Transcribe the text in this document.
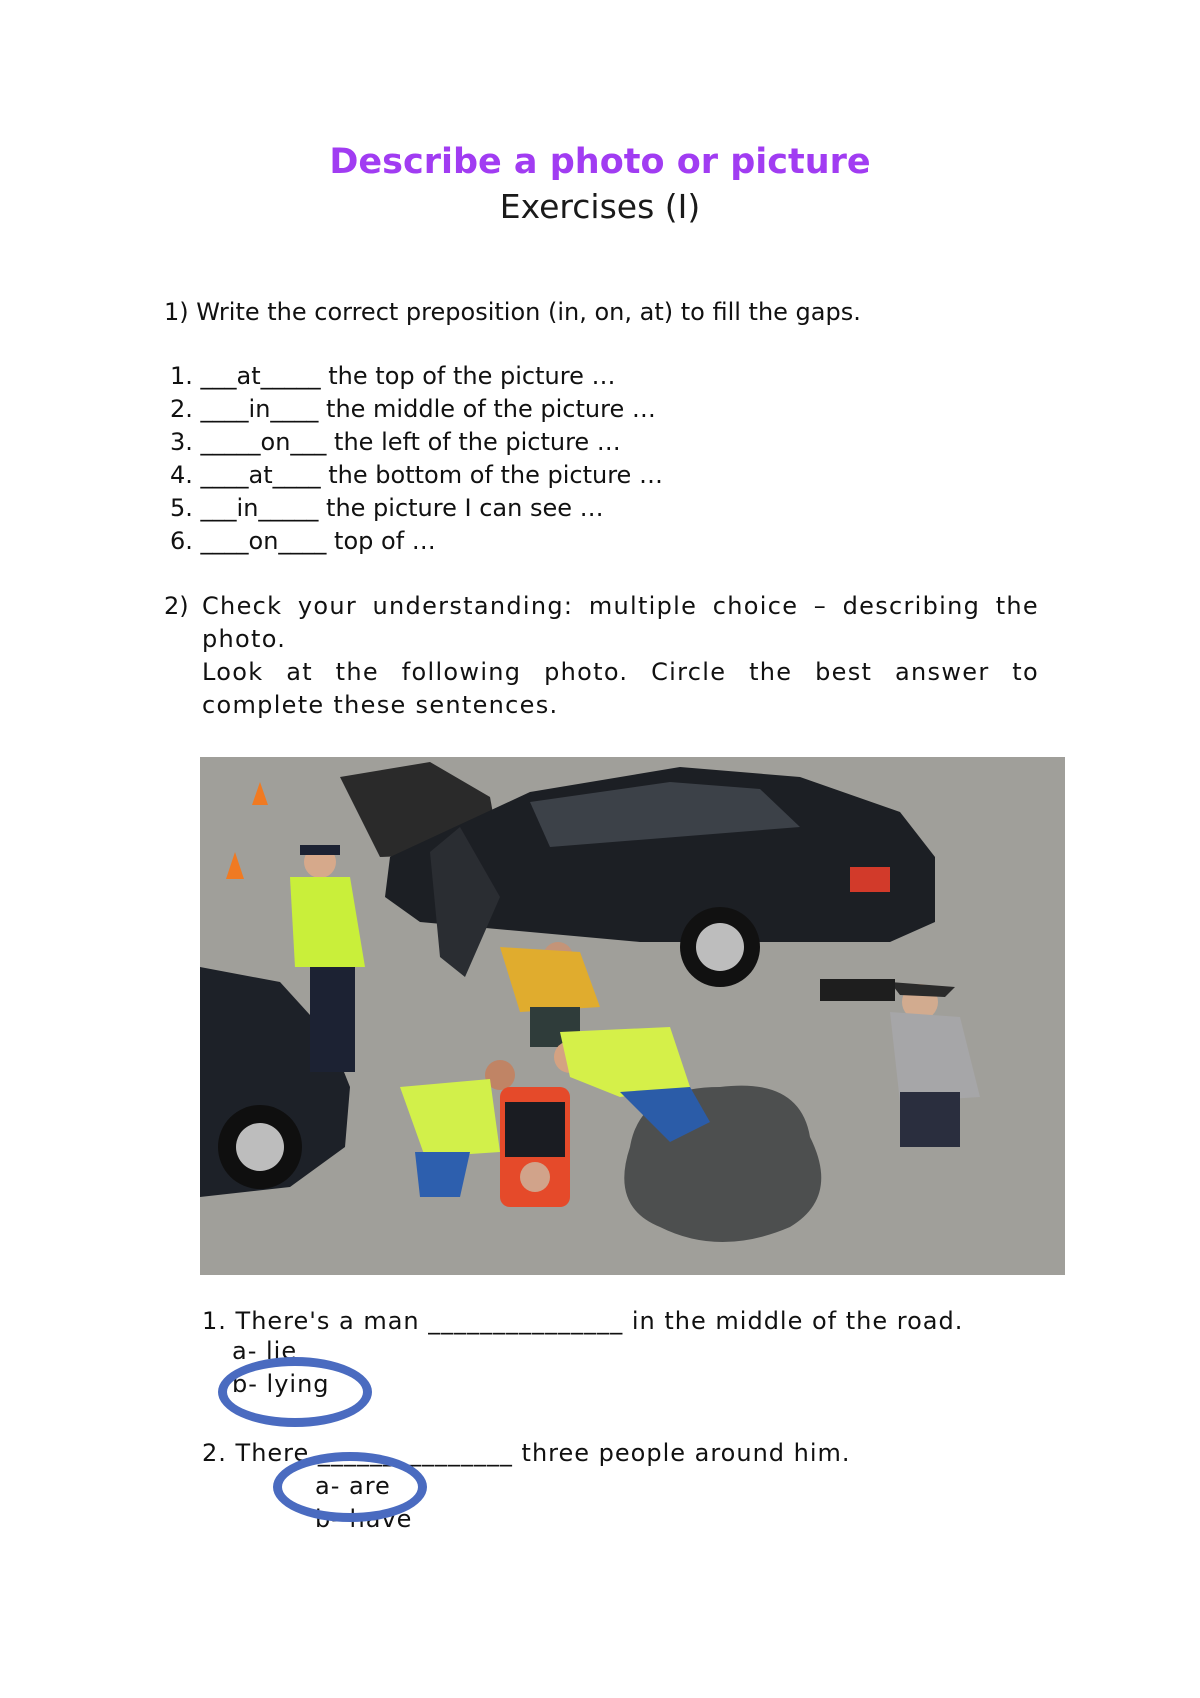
Describe a photo or picture
Exercises (I)
1) Write the correct preposition (in, on, at) to fill the gaps.
1. ___at_____ the top of the picture …
2. ____in____ the middle of the picture …
3. _____on___ the left of the picture …
4. ____at____ the bottom of the picture …
5. ___in_____ the picture I can see …
6. ____on____ top of …
2) Check your understanding: multiple choice – describing the photo.

Look at the following photo. Circle the best answer to complete these sentences.

1. There's a man _______________ in the middle of the road.
a- lie
b- lying
2. There _______________ three people around him.
a- are
b- have
